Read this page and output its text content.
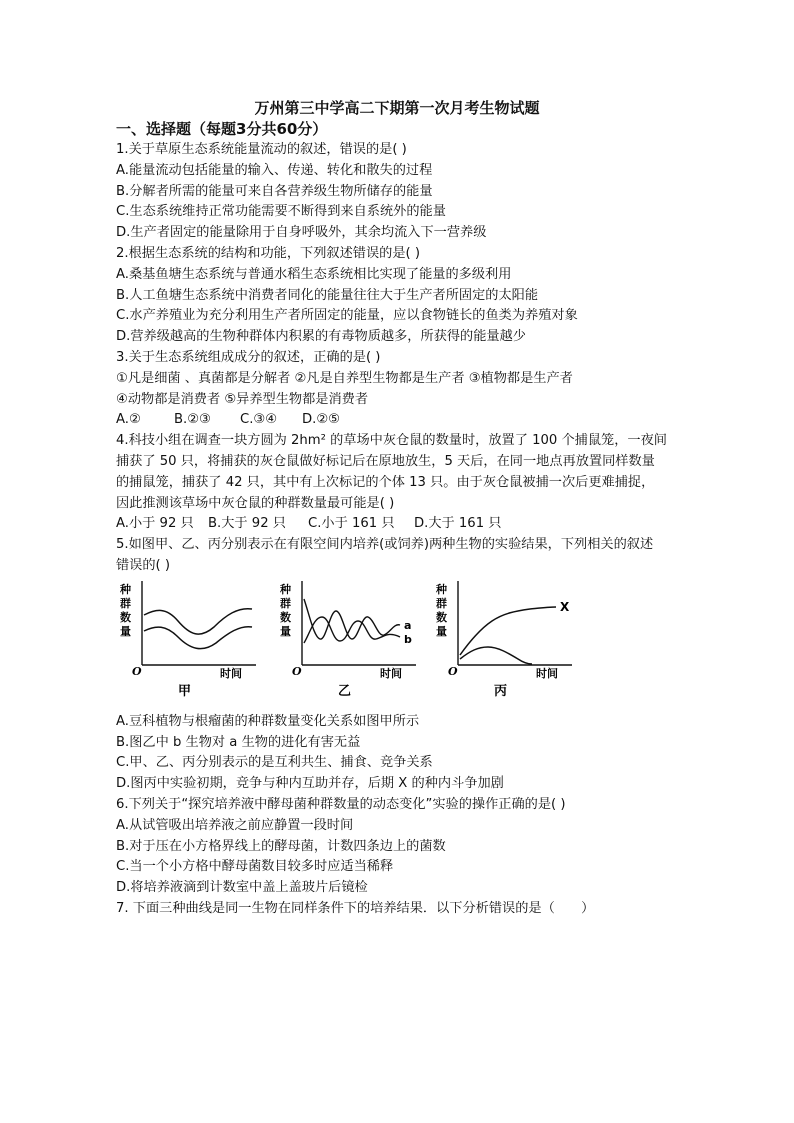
万州第三中学高二下期第一次月考生物试题
一、选择题（每题3分共60分）
1.关于草原生态系统能量流动的叙述，错误的是( )
A.能量流动包括能量的输入、传递、转化和散失的过程
B.分解者所需的能量可来自各营养级生物所储存的能量
C.生态系统维持正常功能需要不断得到来自系统外的能量
D.生产者固定的能量除用于自身呼吸外，其余均流入下一营养级
2.根据生态系统的结构和功能，下列叙述错误的是( )
A.桑基鱼塘生态系统与普通水稻生态系统相比实现了能量的多级利用
B.人工鱼塘生态系统中消费者同化的能量往往大于生产者所固定的太阳能
C.水产养殖业为充分利用生产者所固定的能量，应以食物链长的鱼类为养殖对象
D.营养级越高的生物种群体内积累的有毒物质越多，所获得的能量越少
3.关于生态系统组成成分的叙述，正确的是( )
①凡是细菌 、真菌都是分解者 ②凡是自养型生物都是生产者 ③植物都是生产者
④动物都是消费者 ⑤异养型生物都是消费者
A.②	B.②③ C.③④ D.②⑤
4.科技小组在调查一块方圆为 2hm² 的草场中灰仓鼠的数量时，放置了 100 个捕鼠笼，一夜间
捕获了 50 只，将捕获的灰仓鼠做好标记后在原地放生，5 天后，在同一地点再放置同样数量
的捕鼠笼，捕获了 42 只，其中有上次标记的个体 13 只。由于灰仓鼠被捕一次后更难捕捉，
因此推测该草场中灰仓鼠的种群数量最可能是( )
A.小于 92 只 B.大于 92 只 C.小于 161 只 D.大于 161 只
5.如图甲、乙、丙分别表示在有限空间内培养(或饲养)两种生物的实验结果，下列相关的叙述
错误的( )
种
群
数
量
O	时间
甲
种
群
数
量
O	时间
乙
a
b
种
群
数
量
O	时间
丙
X
A.豆科植物与根瘤菌的种群数量变化关系如图甲所示
B.图乙中 b 生物对 a 生物的进化有害无益
C.甲、乙、丙分别表示的是互利共生、捕食、竞争关系
D.图丙中实验初期，竞争与种内互助并存，后期 X 的种内斗争加剧
6.下列关于“探究培养液中酵母菌种群数量的动态变化”实验的操作正确的是( )
A.从试管吸出培养液之前应静置一段时间
B.对于压在小方格界线上的酵母菌，计数四条边上的菌数
C.当一个小方格中酵母菌数目较多时应适当稀释
D.将培养液滴到计数室中盖上盖玻片后镜检
7. 下面三种曲线是同一生物在同样条件下的培养结果．以下分析错误的是（　　）
